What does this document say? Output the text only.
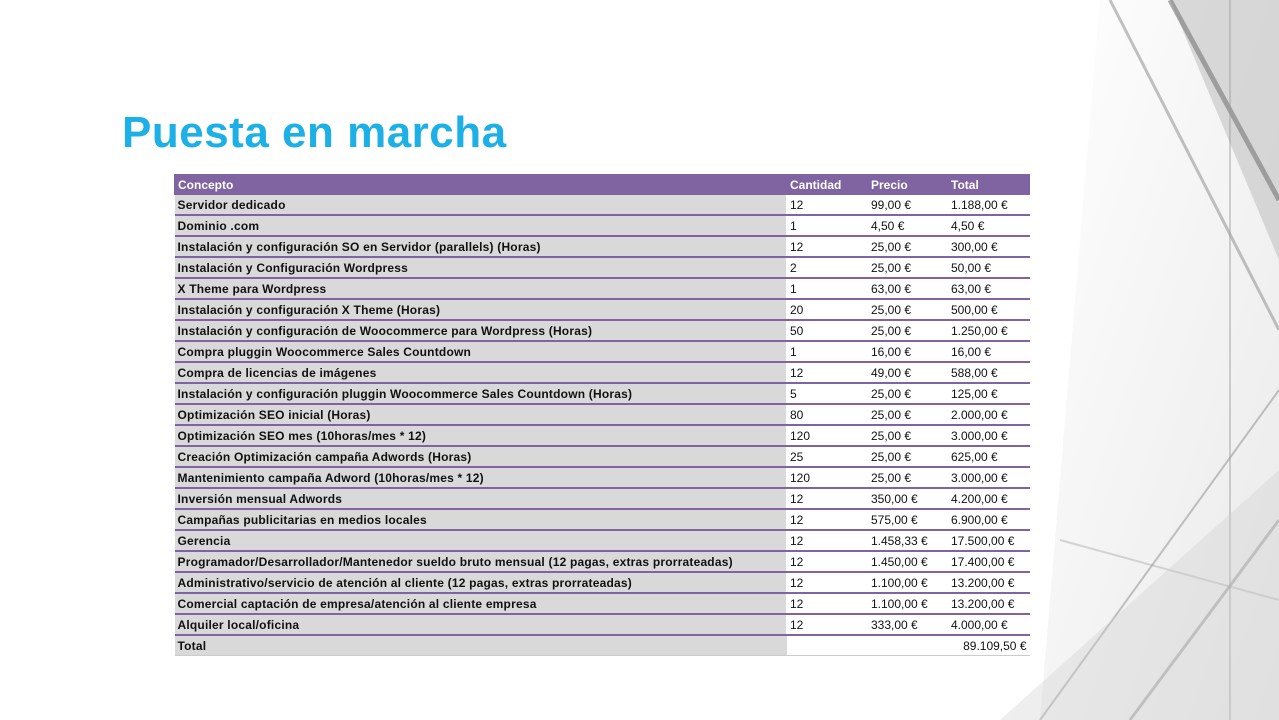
Puesta en marcha
Concepto	Cantidad	Precio	Total
Servidor dedicado	12	99,00 €	1.188,00 €
Dominio .com	1	4,50 €	4,50 €
Instalación y configuración SO en Servidor (parallels) (Horas)	12	25,00 €	300,00 €
Instalación y Configuración Wordpress	2	25,00 €	50,00 €
X Theme para Wordpress	1	63,00 €	63,00 €
Instalación y configuración X Theme (Horas)	20	25,00 €	500,00 €
Instalación y configuración de Woocommerce para Wordpress (Horas)	50	25,00 €	1.250,00 €
Compra pluggin Woocommerce Sales Countdown	1	16,00 €	16,00 €
Compra de licencias de imágenes	12	49,00 €	588,00 €
Instalación y configuración pluggin Woocommerce Sales Countdown (Horas)	5	25,00 €	125,00 €
Optimización SEO inicial (Horas)	80	25,00 €	2.000,00 €
Optimización SEO mes (10horas/mes * 12)	120	25,00 €	3.000,00 €
Creación Optimización campaña Adwords (Horas)	25	25,00 €	625,00 €
Mantenimiento campaña Adword (10horas/mes * 12)	120	25,00 €	3.000,00 €
Inversión mensual Adwords	12	350,00 €	4.200,00 €
Campañas publicitarias en medios locales	12	575,00 €	6.900,00 €
Gerencia	12	1.458,33 €	17.500,00 €
Programador/Desarrollador/Mantenedor sueldo bruto mensual (12 pagas, extras prorrateadas)	12	1.450,00 €	17.400,00 €
Administrativo/servicio de atención al cliente (12 pagas, extras prorrateadas)	12	1.100,00 €	13.200,00 €
Comercial captación de empresa/atención al cliente empresa	12	1.100,00 €	13.200,00 €
Alquiler local/oficina	12	333,00 €	4.000,00 €
Total			89.109,50 €
